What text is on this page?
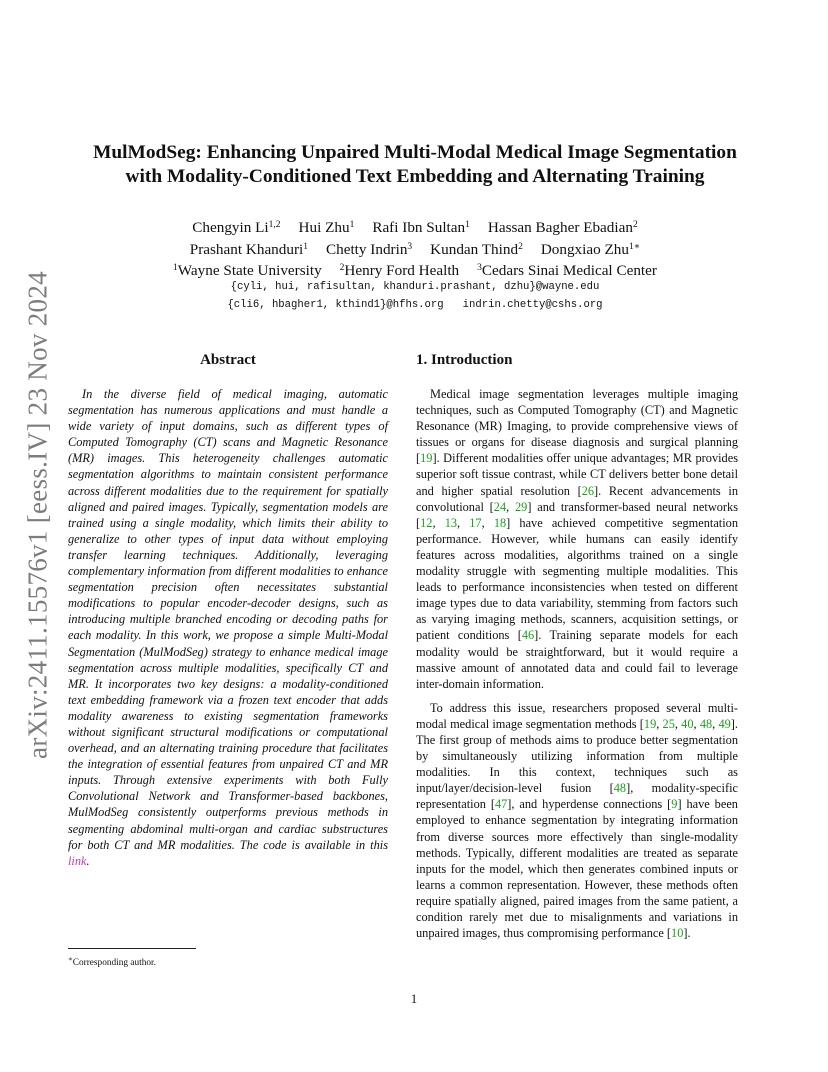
arXiv:2411.15576v1 [eess.IV] 23 Nov 2024
MulModSeg: Enhancing Unpaired Multi-Modal Medical Image Segmentation
with Modality-Conditioned Text Embedding and Alternating Training
Chengyin Li$^{1,2}$ Hui Zhu$^1$ Rafi Ibn Sultan$^1$ Hassan Bagher Ebadian$^2$
Prashant Khanduri$^1$ Chetty Indrin$^3$ Kundan Thind$^2$ Dongxiao Zhu$^{1∗}$
$^1$Wayne State University $^2$Henry Ford Health $^3$Cedars Sinai Medical Center
{cyli, hui, rafisultan, khanduri.prashant, dzhu}@wayne.edu
{cli6, hbagher1, kthind1}@hfhs.org   indrin.chetty@cshs.org
Abstract
In the diverse field of medical imaging, automatic segmentation has numerous applications and must handle a wide variety of input domains, such as different types of Computed Tomography (CT) scans and Magnetic Resonance (MR) images. This heterogeneity challenges automatic segmentation algorithms to maintain consistent performance across different modalities due to the requirement for spatially aligned and paired images. Typically, segmentation models are trained using a single modality, which limits their ability to generalize to other types of input data without employing transfer learning techniques. Additionally, leveraging complementary information from different modalities to enhance segmentation precision often necessitates substantial modifications to popular encoder-decoder designs, such as introducing multiple branched encoding or decoding paths for each modality. In this work, we propose a simple Multi-Modal Segmentation (MulModSeg) strategy to enhance medical image segmentation across multiple modalities, specifically CT and MR. It incorporates two key designs: a modality-conditioned text embedding framework via a frozen text encoder that adds modality awareness to existing segmentation frameworks without significant structural modifications or computational overhead, and an alternating training procedure that facilitates the integration of essential features from unpaired CT and MR inputs. Through extensive experiments with both Fully Convolutional Network and Transformer-based backbones, MulModSeg consistently outperforms previous methods in segmenting abdominal multi-organ and cardiac substructures for both CT and MR modalities. The code is available in this link.
1. Introduction
Medical image segmentation leverages multiple imaging techniques, such as Computed Tomography (CT) and Magnetic Resonance (MR) Imaging, to provide comprehensive views of tissues or organs for disease diagnosis and surgical planning [19]. Different modalities offer unique advantages; MR provides superior soft tissue contrast, while CT delivers better bone detail and higher spatial resolution [26]. Recent advancements in convolutional [24, 29] and transformer-based neural networks [12, 13, 17, 18] have achieved competitive segmentation performance. However, while humans can easily identify features across modalities, algorithms trained on a single modality struggle with segmenting multiple modalities. This leads to performance inconsistencies when tested on different image types due to data variability, stemming from factors such as varying imaging methods, scanners, acquisition settings, or patient conditions [46]. Training separate models for each modality would be straightforward, but it would require a massive amount of annotated data and could fail to leverage inter-domain information.
To address this issue, researchers proposed several multi-modal medical image segmentation methods [19, 25, 40, 48, 49]. The first group of methods aims to produce better segmentation by simultaneously utilizing information from multiple modalities. In this context, techniques such as input/layer/decision-level fusion [48], modality-specific representation [47], and hyperdense connections [9] have been employed to enhance segmentation by integrating information from diverse sources more effectively than single-modality methods. Typically, different modalities are treated as separate inputs for the model, which then generates combined inputs or learns a common representation. However, these methods often require spatially aligned, paired images from the same patient, a condition rarely met due to misalignments and variations in unpaired images, thus compromising performance [10].
∗Corresponding author.
1
